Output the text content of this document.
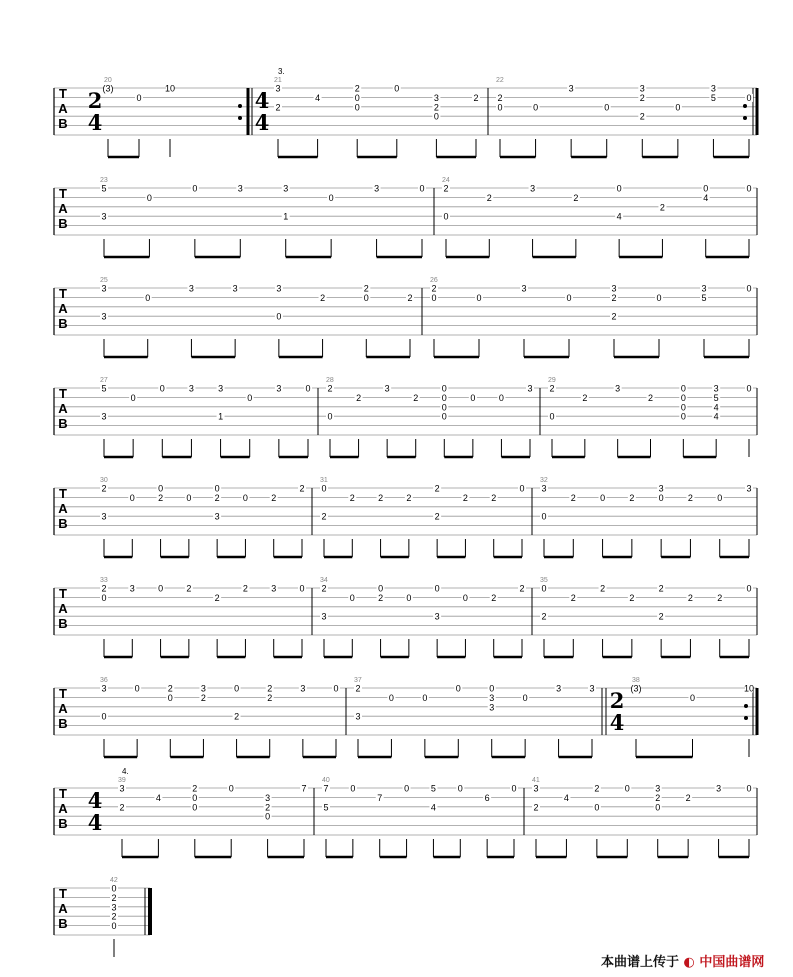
T
A
B
2
4
4
4
20
(3)
0
10
21
3.
3
2
4
2
0
0
0
3
2
0
2
22
2
0	0
3
0
3
2
2
0
3
5	0
T
A
B
23
5
3
0
0	3	3
1
0
3	0
24
2
0
2
3
2
0
4
2
0
4
0
T
A
B
25
3
3
0
3	3	3
0
2
2
0	2
26
2
0	0
3
0
3
2
2
0
3
5
0
T
A
B
27
5
3
0
0	3	3
1
0
3	0
28
2
0
2
3
2
0
0
0
0
0	0
3
29
2
0
2
3
2
0
0
0
0
3
5
4
4
0
T
A
B
30
2
3
0
0
2	0
0
2
3
0	2
2
31
0
2
2	2	2
2
2
2	2
0
32
3
0
2	0	2
3
0	2	0
3
T
A
B
33
2
0
3	0	2
2
2	3	0
34
2
3
0
0
2	0
0
3
0	2
2
35
0
2
2
2
2
2
2
2	2
0
T
A
B
2
4
36
3
0
0	2
0
3
2
0
2
2
2
3	0
37
2
3
0	0
0	0
3
3
0
3	3
38
(3)
0
10
T
A
B
4
4
39
4.
3
2
4
2
0
0
0
3
2
0
7
40
7
5
0
7
0 5
4
0
6
0
41
3
2
4
2
0
0	3
2
0
2
3	0
T
A
B
42
0
2
3
2
0
本曲谱上传于 ◐ 中国曲谱网
